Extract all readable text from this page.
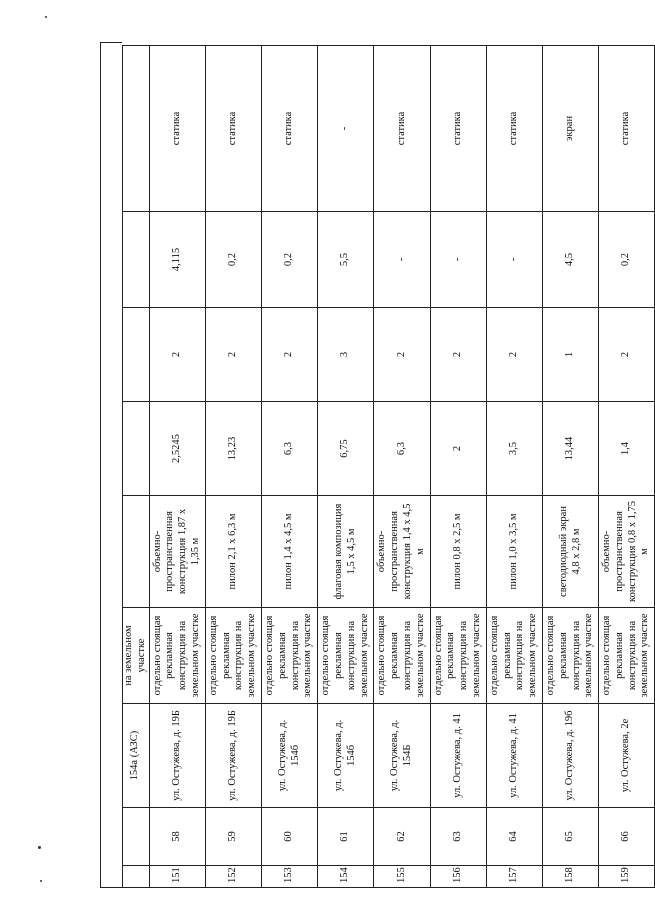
		154а (АЗС)	на земельном участке					
151	58	ул. Остужева, д. 19Б	отдельно стоящая рекламная конструкция на земельном участке	объемно-пространственная конструкция 1,87 х 1,35 м	2,5245	2	4,115	статика
152	59	ул. Остужева, д. 19Б	отдельно стоящая рекламная конструкция на земельном участке	пилон 2,1 х 6,3 м	13,23	2	0,2	статика
153	60	ул. Остужева, д. 154б	отдельно стоящая рекламная конструкция на земельном участке	пилон 1,4 х 4,5 м	6,3	2	0,2	статика
154	61	ул. Остужева, д. 154б	отдельно стоящая рекламная конструкция на земельном участке	флаговая композиция 1,5 х 4,5 м	6,75	3	5,5	-
155	62	ул. Остужева, д. 154Б	отдельно стоящая рекламная конструкция на земельном участке	объемно-пространственная конструкция 1,4 х 4,5 м	6,3	2	-	статика
156	63	ул. Остужева, д. 41	отдельно стоящая рекламная конструкция на земельном участке	пилон 0,8 х 2,5 м	2	2	-	статика
157	64	ул. Остужева, д. 41	отдельно стоящая рекламная конструкция на земельном участке	пилон 1,0 х 3,5 м	3,5	2	-	статика
158	65	ул. Остужева, д. 19б	отдельно стоящая рекламная конструкция на земельном участке	светодиодный экран 4,8 х 2,8 м	13,44	1	4,5	экран
159	66	ул. Остужева, 2е	отдельно стоящая рекламная конструкция на земельном участке	объемно-пространственная конструкция 0,8 х 1,75 м	1,4	2	0,2	статика
